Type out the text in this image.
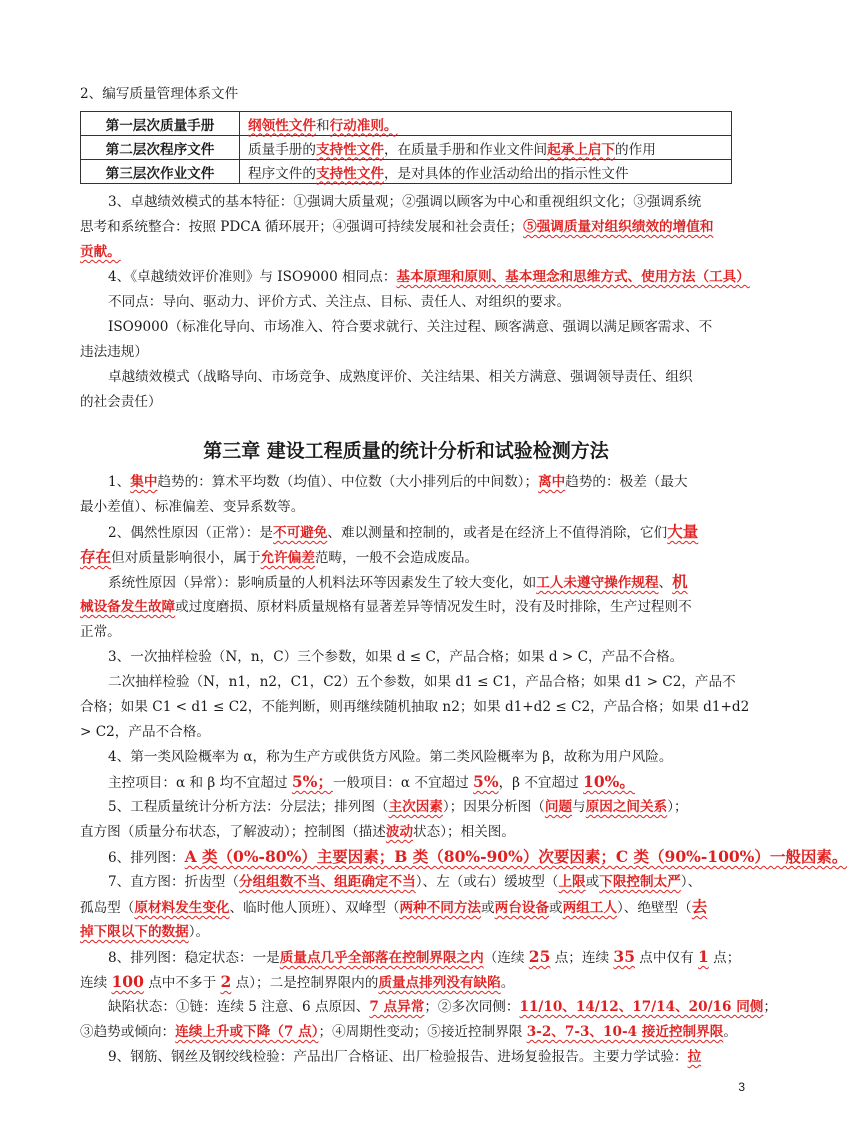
2、编写质量管理体系文件
第一层次质量手册	纲领性文件和行动准则。
第二层次程序文件	质量手册的支持性文件，在质量手册和作业文件间起承上启下的作用
第三层次作业文件	程序文件的支持性文件，是对具体的作业活动给出的指示性文件
3、卓越绩效模式的基本特征：①强调大质量观；②强调以顾客为中心和重视组织文化；③强调系统
思考和系统整合：按照 PDCA 循环展开；④强调可持续发展和社会责任；⑤强调质量对组织绩效的增值和
贡献。
4、《卓越绩效评价准则》与 ISO9000 相同点：基本原理和原则、基本理念和思维方式、使用方法（工具）
不同点：导向、驱动力、评价方式、关注点、目标、责任人、对组织的要求。
ISO9000（标准化导向、市场准入、符合要求就行、关注过程、顾客满意、强调以满足顾客需求、不
违法违规）
卓越绩效模式（战略导向、市场竞争、成熟度评价、关注结果、相关方满意、强调领导责任、组织
的社会责任）
第三章 建设工程质量的统计分析和试验检测方法
1、集中趋势的：算术平均数（均值）、中位数（大小排列后的中间数）；离中趋势的：极差（最大
最小差值）、标准偏差、变异系数等。
2、偶然性原因（正常）：是不可避免、难以测量和控制的，或者是在经济上不值得消除，它们大量
存在但对质量影响很小，属于允许偏差范畴，一般不会造成废品。
系统性原因（异常）：影响质量的人机料法环等因素发生了较大变化，如工人未遵守操作规程、机
械设备发生故障或过度磨损、原材料质量规格有显著差异等情况发生时，没有及时排除，生产过程则不
正常。
3、一次抽样检验（N，n，C）三个参数，如果 d ≤ C，产品合格；如果 d > C，产品不合格。
二次抽样检验（N，n1，n2，C1，C2）五个参数，如果 d1 ≤ C1，产品合格；如果 d1 > C2，产品不
合格；如果 C1 < d1 ≤ C2，不能判断，则再继续随机抽取 n2；如果 d1+d2 ≤ C2，产品合格；如果 d1+d2
> C2，产品不合格。
4、第一类风险概率为 α，称为生产方或供货方风险。第二类风险概率为 β，故称为用户风险。
主控项目：α 和 β 均不宜超过 5%；一般项目：α 不宜超过 5%，β 不宜超过 10%。
5、工程质量统计分析方法：分层法；排列图（主次因素）；因果分析图（问题与原因之间关系）；
直方图（质量分布状态，了解波动）；控制图（描述波动状态）；相关图。
6、排列图：A 类（0%-80%）主要因素；B 类（80%-90%）次要因素；C 类（90%-100%）一般因素。
7、直方图：折齿型（分组组数不当、组距确定不当）、左（或右）缓坡型（上限或下限控制太严）、
孤岛型（原材料发生变化、临时他人顶班）、双峰型（两种不同方法或两台设备或两组工人）、绝壁型（去
掉下限以下的数据）。
8、排列图：稳定状态：一是质量点几乎全部落在控制界限之内（连续 25 点；连续 35 点中仅有 1 点；
连续 100 点中不多于 2 点）；二是控制界限内的质量点排列没有缺陷。
缺陷状态：①链：连续 5 注意、6 点原因、7 点异常；②多次同侧：11/10、14/12、17/14、20/16 同侧；
③趋势或倾向：连续上升或下降（7 点）；④周期性变动；⑤接近控制界限 3-2、7-3、10-4 接近控制界限。
9、钢筋、钢丝及钢绞线检验：产品出厂合格证、出厂检验报告、进场复验报告。主要力学试验：拉
3
